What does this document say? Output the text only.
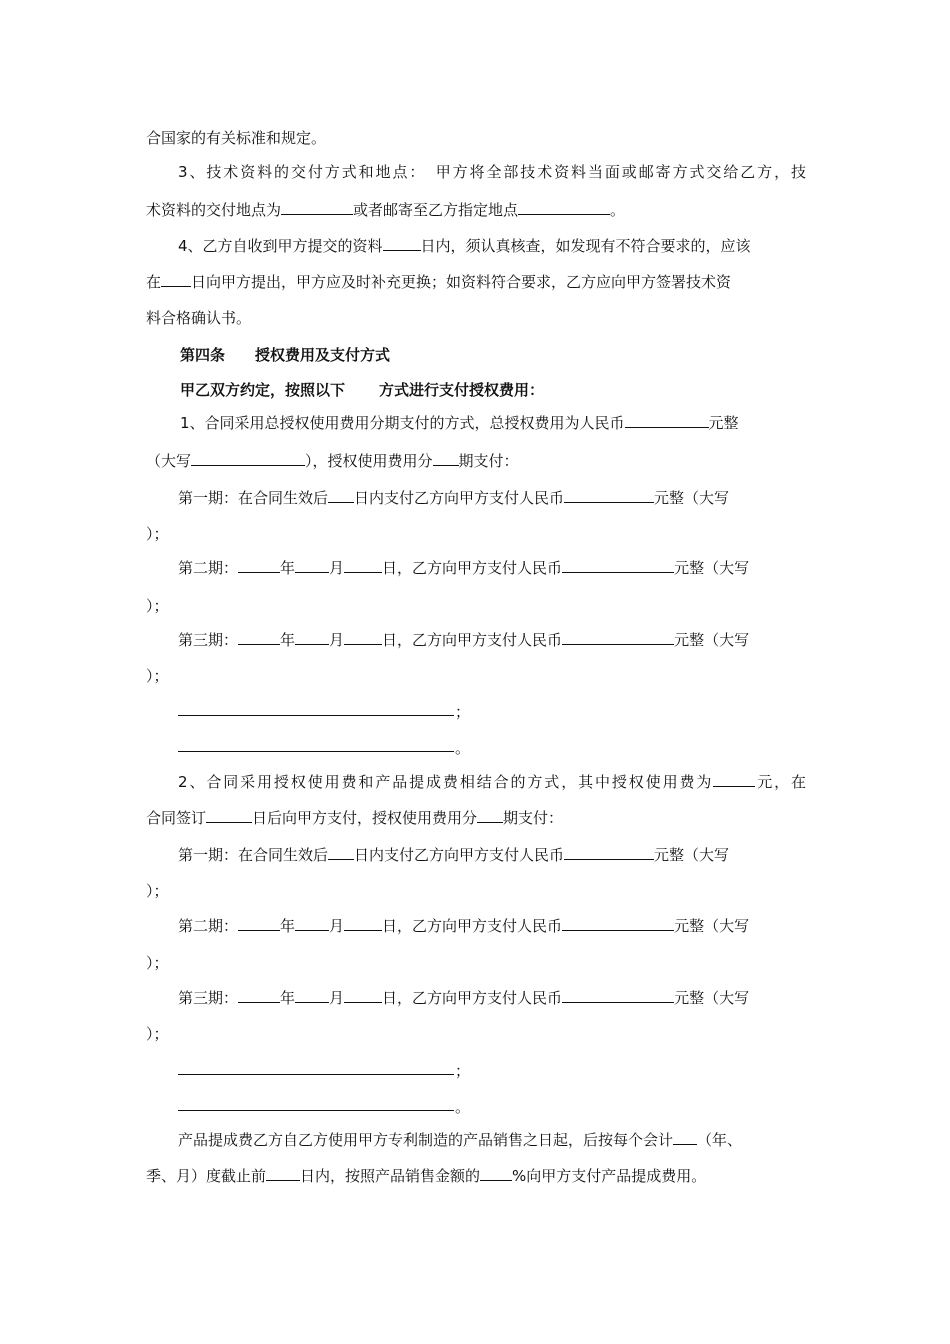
合国家的有关标准和规定。
3、技术资料的交付方式和地点：　甲方将全部技术资料当面或邮寄方式交给乙方，技
术资料的交付地点为	或者邮寄至乙方指定地点	。
4、乙方自收到甲方提交的资料	日内，须认真核查，如发现有不符合要求的，应该
在 日向甲方提出，甲方应及时补充更换；如资料符合要求，乙方应向甲方签署技术资
料合格确认书。
第四条 授权费用及支付方式
甲乙双方约定，按照以下 方式进行支付授权费用：
1、合同采用总授权使用费用分期支付的方式，总授权费用为人民币	元整
（大写	），授权使用费用分 期支付：
第一期：在合同生效后 日内支付乙方向甲方支付人民币	元整（大写
）；
第二期：	年 月	日，乙方向甲方支付人民币	元整（大写
）；
第三期：	年 月	日，乙方向甲方支付人民币	元整（大写
）；
；
。
2、合同采用授权使用费和产品提成费相结合的方式，其中授权使用费为	元，在
合同签订	日后向甲方支付，授权使用费用分 期支付：
第一期：在合同生效后 日内支付乙方向甲方支付人民币	元整（大写
）；
第二期：	年 月	日，乙方向甲方支付人民币	元整（大写
）；
第三期：	年 月	日，乙方向甲方支付人民币	元整（大写
）；
；
。
产品提成费乙方自乙方使用甲方专利制造的产品销售之日起，后按每个会计 （年、
季、月）度截止前 日内，按照产品销售金额的 %向甲方支付产品提成费用。
